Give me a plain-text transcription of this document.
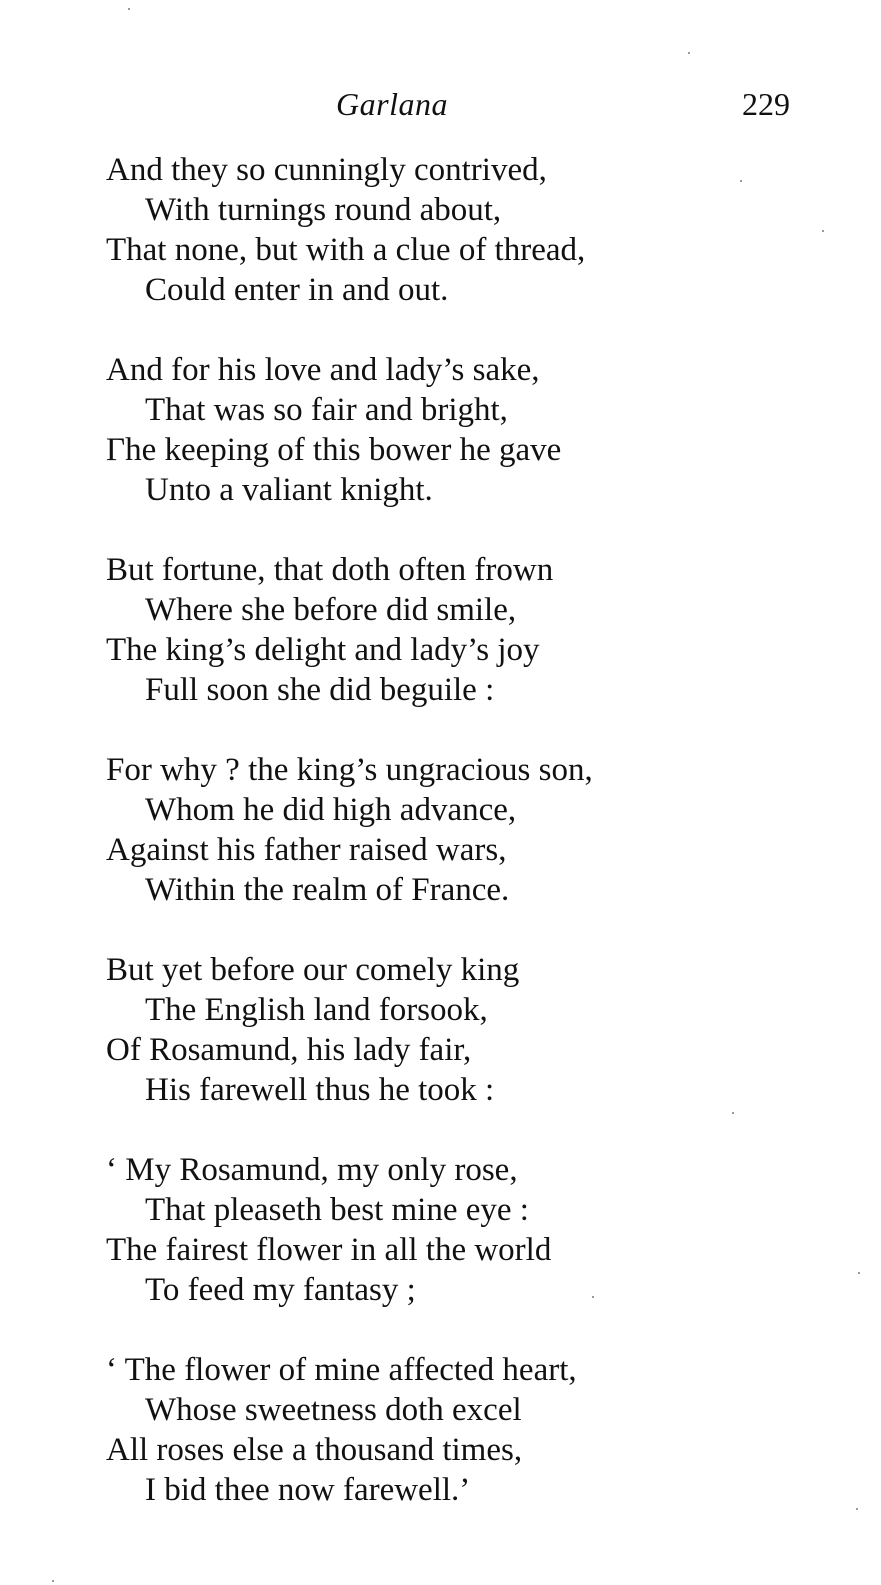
Garlana	229
And they so cunningly contrived,
With turnings round about,
That none, but with a clue of thread,
Could enter in and out.
And for his love and lady’s sake,
That was so fair and bright,
Γhe keeping of this bower he gave
Unto a valiant knight.
But fortune, that doth often frown
Where she before did smile,
The king’s delight and lady’s joy
Full soon she did beguile :
For why ? the king’s ungracious son,
Whom he did high advance,
Against his father raised wars,
Within the realm of France.
But yet before our comely king
The English land forsook,
Of Rosamund, his lady fair,
His farewell thus he took :
‘ My Rosamund, my only rose,
That pleaseth best mine eye :
The fairest flower in all the world
To feed my fantasy ;
‘ The flower of mine affected heart,
Whose sweetness doth excel
All roses else a thousand times,
I bid thee now farewell.’
